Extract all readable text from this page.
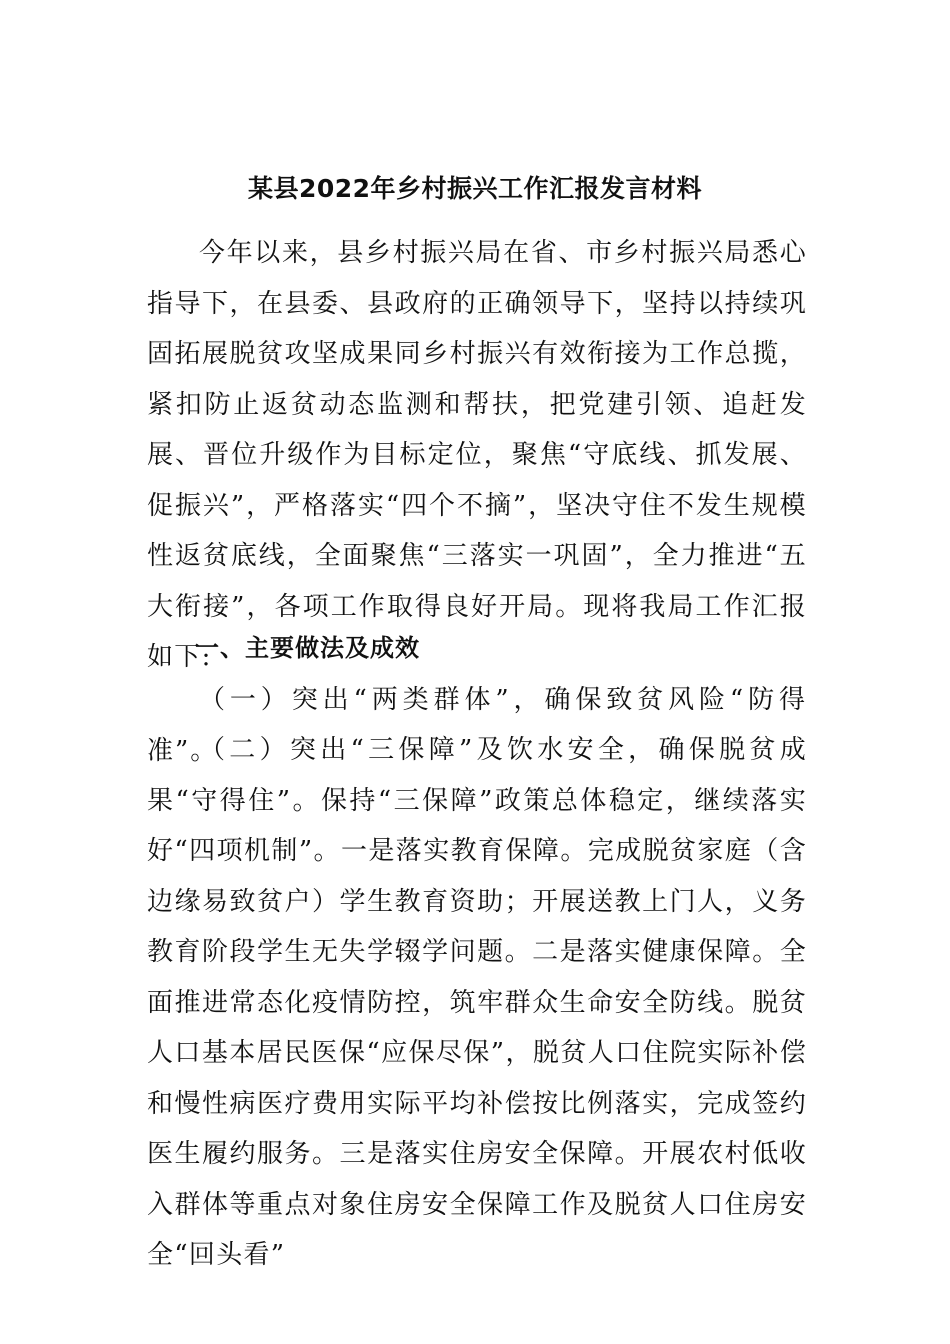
某县2022年乡村振兴工作汇报发言材料

今年以来，县乡村振兴局在省、市乡村振兴局悉心指导下，在县委、县政府的正确领导下，坚持以持续巩固拓展脱贫攻坚成果同乡村振兴有效衔接为工作总揽，紧扣防止返贫动态监测和帮扶，把党建引领、追赶发展、晋位升级作为目标定位，聚焦“守底线、抓发展、促振兴”，严格落实“四个不摘”，坚决守住不发生规模性返贫底线，全面聚焦“三落实一巩固”，全力推进“五大衔接”，各项工作取得良好开局。现将我局工作汇报如下:

一、主要做法及成效

（一）突出“两类群体”，确保致贫风险“防得准”。

（二）突出“三保障”及饮水安全，确保脱贫成果“守得住”。保持“三保障”政策总体稳定，继续落实好“四项机制”。一是落实教育保障。完成脱贫家庭（含边缘易致贫户）学生教育资助；开展送教上门人，义务教育阶段学生无失学辍学问题。二是落实健康保障。全面推进常态化疫情防控，筑牢群众生命安全防线。脱贫人口基本居民医保“应保尽保”，脱贫人口住院实际补偿和慢性病医疗费用实际平均补偿按比例落实，完成签约医生履约服务。三是落实住房安全保障。开展农村低收入群体等重点对象住房安全保障工作及脱贫人口住房安全“回头看”
